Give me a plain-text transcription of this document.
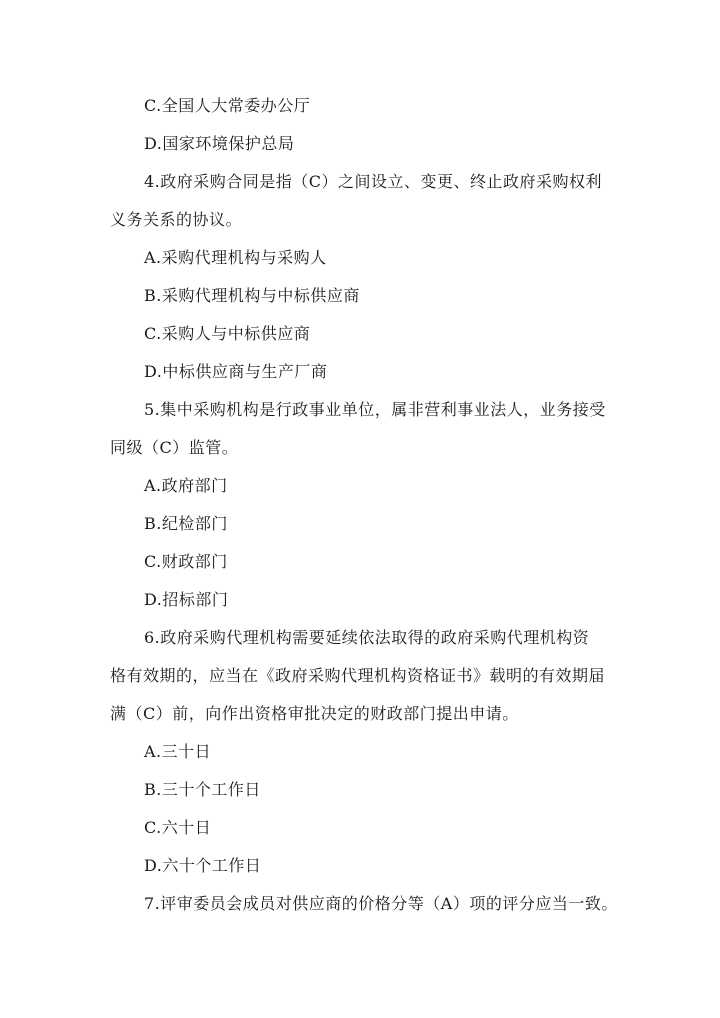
C.全国人大常委办公厅
D.国家环境保护总局
4.政府采购合同是指（C）之间设立、变更、终止政府采购权利
义务关系的协议。
A.采购代理机构与采购人
B.采购代理机构与中标供应商
C.采购人与中标供应商
D.中标供应商与生产厂商
5.集中采购机构是行政事业单位，属非营利事业法人，业务接受
同级（C）监管。
A.政府部门
B.纪检部门
C.财政部门
D.招标部门
6.政府采购代理机构需要延续依法取得的政府采购代理机构资
格有效期的，应当在《政府采购代理机构资格证书》载明的有效期届
满（C）前，向作出资格审批决定的财政部门提出申请。
A.三十日
B.三十个工作日
C.六十日
D.六十个工作日
7.评审委员会成员对供应商的价格分等（A）项的评分应当一致。
